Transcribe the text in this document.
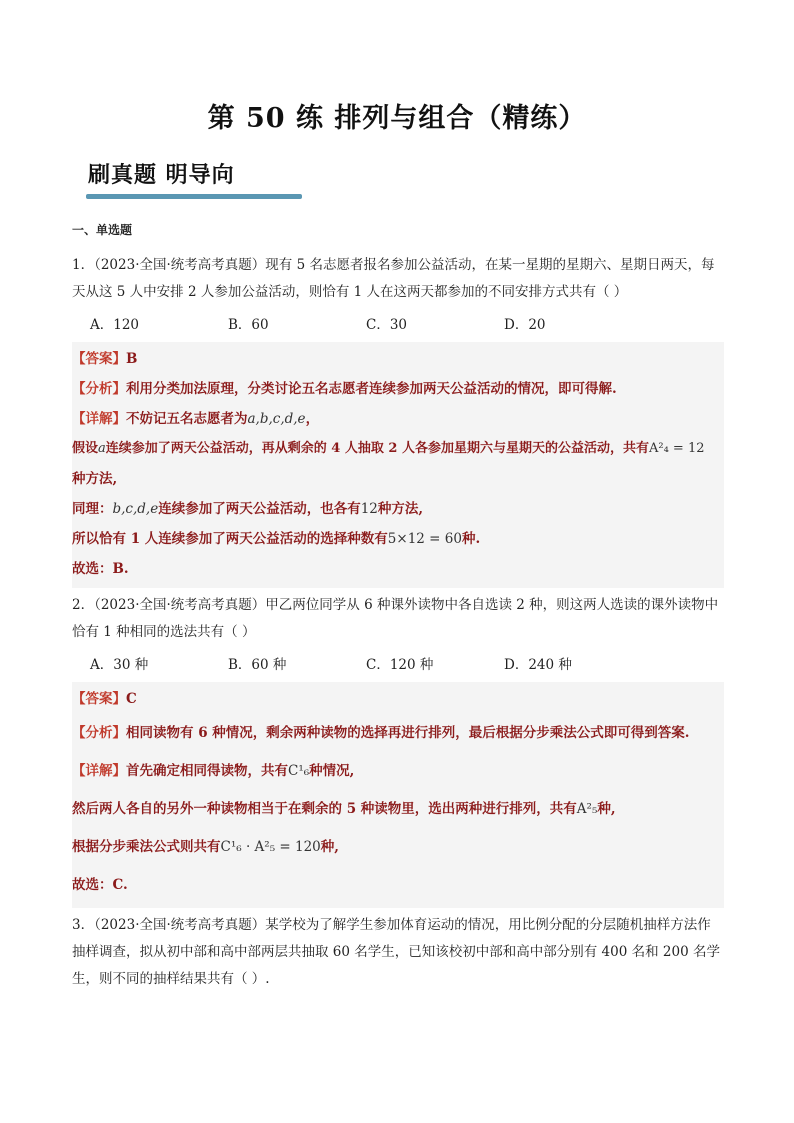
第 50 练 排列与组合（精练）
刷真题 明导向

一、单选题

1．（2023·全国·统考高考真题）现有 5 名志愿者报名参加公益活动，在某一星期的星期六、星期日两天，每

天从这 5 人中安排 2 人参加公益活动，则恰有 1 人在这两天都参加的不同安排方式共有（ ）

A．120	B．60	C．30	D．20

【答案】B

【分析】利用分类加法原理，分类讨论五名志愿者连续参加两天公益活动的情况，即可得解.

【详解】不妨记五名志愿者为a,b,c,d,e，

假设a连续参加了两天公益活动，再从剩余的 4 人抽取 2 人各参加星期六与星期天的公益活动，共有A²₄ = 12

种方法,

同理：b,c,d,e连续参加了两天公益活动，也各有12种方法,

所以恰有 1 人连续参加了两天公益活动的选择种数有5×12 = 60种.

故选：B.

2．（2023·全国·统考高考真题）甲乙两位同学从 6 种课外读物中各自选读 2 种，则这两人选读的课外读物中

恰有 1 种相同的选法共有（ ）

A．30 种	B．60 种	C．120 种	D．240 种

【答案】C

【分析】相同读物有 6 种情况，剩余两种读物的选择再进行排列，最后根据分步乘法公式即可得到答案.

【详解】首先确定相同得读物，共有C¹₆种情况,

然后两人各自的另外一种读物相当于在剩余的 5 种读物里，选出两种进行排列，共有A²₅种,

根据分步乘法公式则共有C¹₆ · A²₅ = 120种,

故选：C.

3．（2023·全国·统考高考真题）某学校为了解学生参加体育运动的情况，用比例分配的分层随机抽样方法作

抽样调查，拟从初中部和高中部两层共抽取 60 名学生，已知该校初中部和高中部分别有 400 名和 200 名学

生，则不同的抽样结果共有（ ）.
